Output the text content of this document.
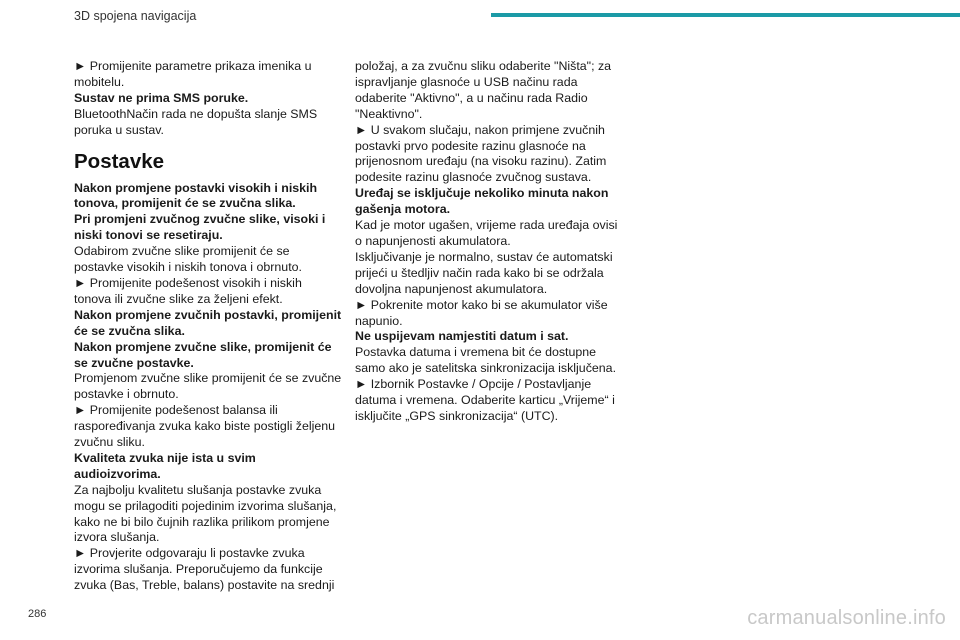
3D spojena navigacija

► Promijenite parametre prikaza imenika u mobitelu.

Sustav ne prima SMS poruke.

BluetoothNačin rada ne dopušta slanje SMS poruka u sustav.

Postavke

Nakon promjene postavki visokih i niskih tonova, promijenit će se zvučna slika.

Pri promjeni zvučnog zvučne slike, visoki i niski tonovi se resetiraju.

Odabirom zvučne slike promijenit će se postavke visokih i niskih tonova i obrnuto.

► Promijenite podešenost visokih i niskih tonova ili zvučne slike za željeni efekt.

Nakon promjene zvučnih postavki, promijenit će se zvučna slika.

Nakon promjene zvučne slike, promijenit će se zvučne postavke.

Promjenom zvučne slike promijenit će se zvučne postavke i obrnuto.

► Promijenite podešenost balansa ili raspoređivanja zvuka kako biste postigli željenu zvučnu sliku.

Kvaliteta zvuka nije ista u svim audioizvorima.

Za najbolju kvalitetu slušanja postavke zvuka mogu se prilagoditi pojedinim izvorima slušanja, kako ne bi bilo čujnih razlika prilikom promjene izvora slušanja.

► Provjerite odgovaraju li postavke zvuka izvorima slušanja. Preporučujemo da funkcije zvuka (Bas, Treble, balans) postavite na srednji

položaj, a za zvučnu sliku odaberite "Ništa"; za ispravljanje glasnoće u USB načinu rada odaberite "Aktivno", a u načinu rada Radio "Neaktivno".

► U svakom slučaju, nakon primjene zvučnih postavki prvo podesite razinu glasnoće na prijenosnom uređaju (na visoku razinu). Zatim podesite razinu glasnoće zvučnog sustava.

Uređaj se isključuje nekoliko minuta nakon gašenja motora.

Kad je motor ugašen, vrijeme rada uređaja ovisi o napunjenosti akumulatora.

Isključivanje je normalno, sustav će automatski prijeći u štedljiv način rada kako bi se održala dovoljna napunjenost akumulatora.

► Pokrenite motor kako bi se akumulator više napunio.

Ne uspijevam namjestiti datum i sat.

Postavka datuma i vremena bit će dostupne samo ako je satelitska sinkronizacija isključena.

► Izbornik Postavke / Opcije / Postavljanje datuma i vremena. Odaberite karticu „Vrijeme“ i isključite „GPS sinkronizacija“ (UTC).

286	carmanualsonline.info
